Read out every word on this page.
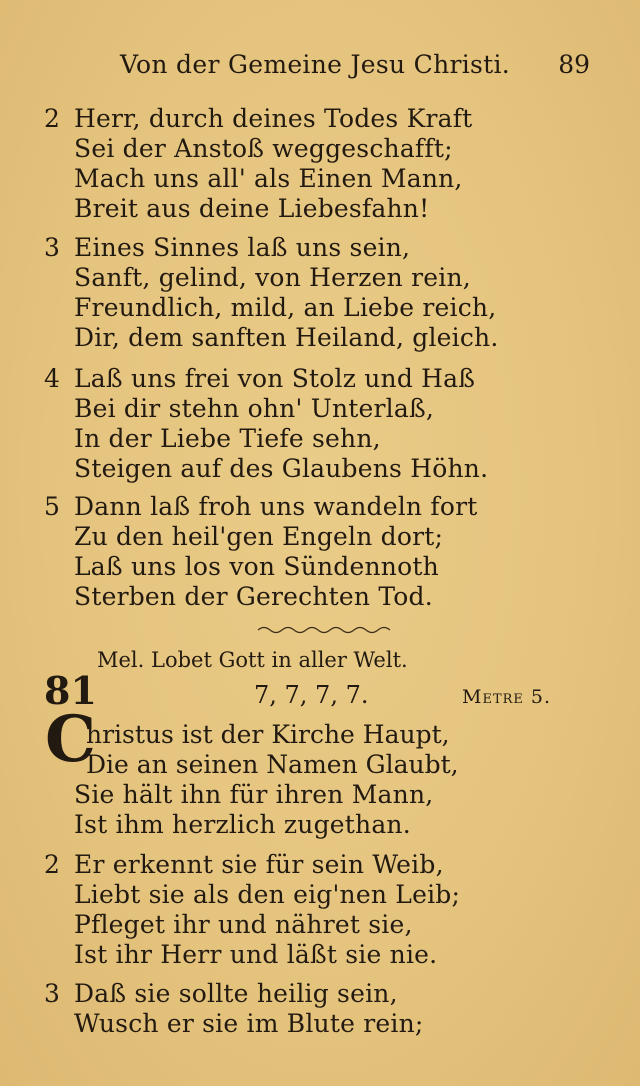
Von der Gemeine Jesu Christi. 89
2 Herr, durch deines Todes Kraft
Sei der Anstoß weggeschafft;
Mach uns all' als Einen Mann,
Breit aus deine Liebesfahn!
3 Eines Sinnes laß uns sein,
Sanft, gelind, von Herzen rein,
Freundlich, mild, an Liebe reich,
Dir, dem sanften Heiland, gleich.
4 Laß uns frei von Stolz und Haß
Bei dir stehn ohn' Unterlaß,
In der Liebe Tiefe sehn,
Steigen auf des Glaubens Höhn.
5 Dann laß froh uns wandeln fort
Zu den heil'gen Engeln dort;
Laß uns los von Sündennoth
Sterben der Gerechten Tod.
Mel. Lobet Gott in aller Welt.
81	7, 7, 7, 7.	Metre 5.
C
hristus ist der Kirche Haupt,
Die an seinen Namen Glaubt,
Sie hält ihn für ihren Mann,
Ist ihm herzlich zugethan.
2 Er erkennt sie für sein Weib,
Liebt sie als den eig'nen Leib;
Pfleget ihr und nähret sie,
Ist ihr Herr und läßt sie nie.
3 Daß sie sollte heilig sein,
Wusch er sie im Blute rein;
